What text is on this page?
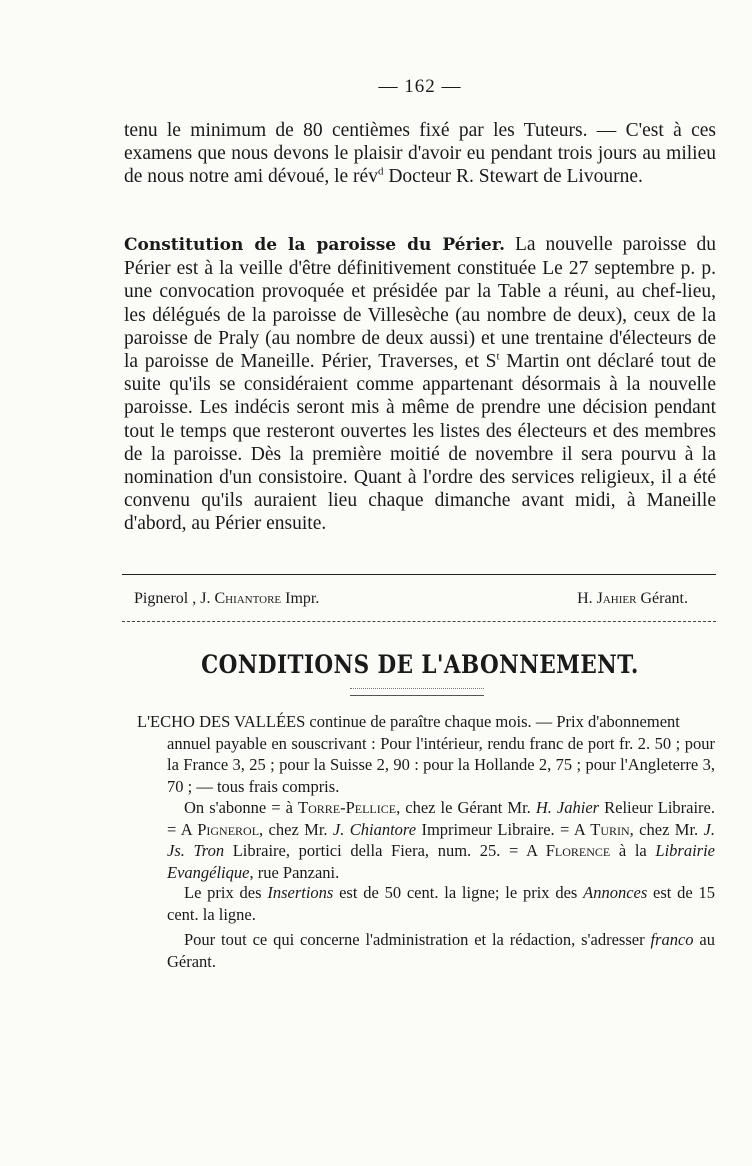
— 162 —
tenu le minimum de 80 centièmes fixé par les Tuteurs. — C'est à ces examens que nous devons le plaisir d'avoir eu pendant trois jours au milieu de nous notre ami dévoué, le rév$^d$ Docteur R. Stewart de Livourne.
Constitution de la paroisse du Périer. La nouvelle paroisse du Périer est à la veille d'être définitivement constituée Le 27 septembre p. p. une convocation provoquée et présidée par la Table a réuni, au chef-lieu, les délégués de la paroisse de Villesèche (au nombre de deux), ceux de la paroisse de Praly (au nombre de deux aussi) et une trentaine d'électeurs de la paroisse de Maneille. Périer, Traverses, et $S^t$ Martin ont déclaré tout de suite qu'ils se considéraient comme appartenant désormais à la nouvelle paroisse. Les indécis seront mis à même de prendre une décision pendant tout le temps que resteront ouvertes les listes des électeurs et des membres de la paroisse. Dès la première moitié de novembre il sera pourvu à la nomination d'un consistoire. Quant à l'ordre des services religieux, il a été convenu qu'ils auraient lieu chaque dimanche avant midi, à Maneille d'abord, au Périer ensuite.
Pignerol , J. Chiantore Impr.	H. Jahier Gérant.
CONDITIONS DE L'ABONNEMENT.
L'ECHO DES VALLÉES continue de paraître chaque mois. — Prix d'abonnement
annuel payable en souscrivant : Pour l'intérieur, rendu franc de port fr. 2. 50 ; pour la France 3, 25 ; pour la Suisse 2, 90 : pour la Hollande 2, 75 ; pour l'Angleterre 3, 70 ; — tous frais compris.
On s'abonne = à Torre-Pellice, chez le Gérant Mr. H. Jahier Relieur Libraire. = A Pignerol, chez Mr. J. Chiantore Imprimeur Libraire. = A Turin, chez Mr. J. Js. Tron Libraire, portici della Fiera, num. 25. = A Florence à la Librairie Evangélique, rue Panzani.
Le prix des Insertions est de 50 cent. la ligne; le prix des Annonces est de 15 cent. la ligne.
Pour tout ce qui concerne l'administration et la rédaction, s'adresser franco au Gérant.
